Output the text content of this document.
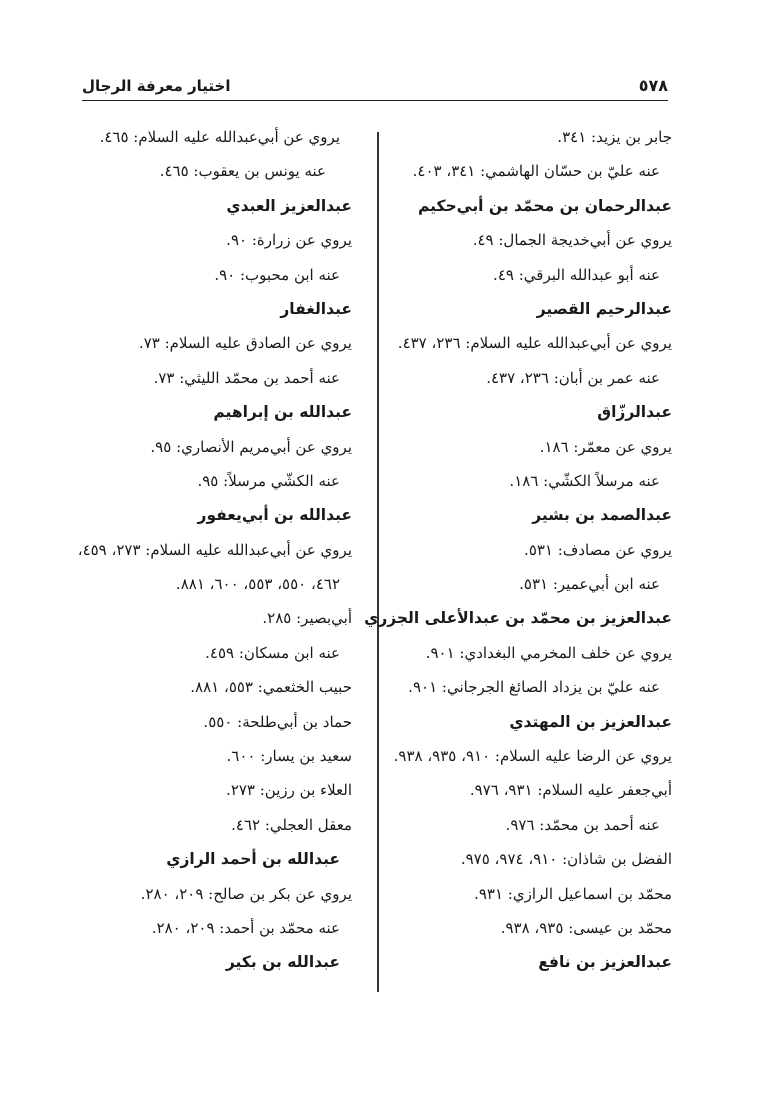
اختيار معرفة الرجال	٥٧٨
جابر بن يزيد: ٣٤١.
عنه عليّ بن حسّان الهاشمي: ٣٤١، ٤٠٣.
عبدالرحمان بن محمّد بن أبي‌حكيم
يروي عن أبي‌خديجة الجمال: ٤٩.
عنه أبو عبدالله البرقي: ٤٩.
عبدالرحيم القصير
يروي عن أبي‌عبدالله عليه السلام: ٢٣٦، ٤٣٧.
عنه عمر بن أبان: ٢٣٦، ٤٣٧.
عبدالرزّاق
يروي عن معمّر: ١٨٦.
عنه مرسلاً الكشّي: ١٨٦.
عبدالصمد بن بشير
يروي عن مصادف: ٥٣١.
عنه ابن أبي‌عمير: ٥٣١.
عبدالعزيز بن محمّد بن عبدالأعلى الجزري
يروي عن خلف المخرمي البغدادي: ٩٠١.
عنه عليّ بن يزداد الصائغ الجرجاني: ٩٠١.
عبدالعزيز بن المهتدي
يروي عن الرضا عليه السلام: ٩١٠، ٩٣٥، ٩٣٨.
أبي‌جعفر عليه السلام: ٩٣١، ٩٧٦.
عنه أحمد بن محمّد: ٩٧٦.
الفضل بن شاذان: ٩١٠، ٩٧٤، ٩٧٥.
محمّد بن اسماعيل الرازي: ٩٣١.
محمّد بن عيسى: ٩٣٥، ٩٣٨.
عبدالعزيز بن نافع
يروي عن أبي‌عبدالله عليه السلام: ٤٦٥.
عنه يونس بن يعقوب: ٤٦٥.
عبدالعزيز العبدي
يروي عن زرارة: ٩٠.
عنه ابن محبوب: ٩٠.
عبدالغفار
يروي عن الصادق عليه السلام: ٧٣.
عنه أحمد بن محمّد الليثي: ٧٣.
عبدالله بن إبراهيم
يروي عن أبي‌مريم الأنصاري: ٩٥.
عنه الكشّي مرسلاً: ٩٥.
عبدالله بن أبي‌يعفور
يروي عن أبي‌عبدالله عليه السلام: ٢٧٣، ٤٥٩،
٤٦٢، ٥٥٠، ٥٥٣، ٦٠٠، ٨٨١.
أبي‌بصير: ٢٨٥.
عنه ابن مسكان: ٤٥٩.
حبيب الخثعمي: ٥٥٣، ٨٨١.
حماد بن أبي‌طلحة: ٥٥٠.
سعيد بن يسار: ٦٠٠.
العلاء بن رزين: ٢٧٣.
معقل العجلي: ٤٦٢.
عبدالله بن أحمد الرازي
يروي عن بكر بن صالح: ٢٠٩، ٢٨٠.
عنه محمّد بن أحمد: ٢٠٩، ٢٨٠.
عبدالله بن بكير
